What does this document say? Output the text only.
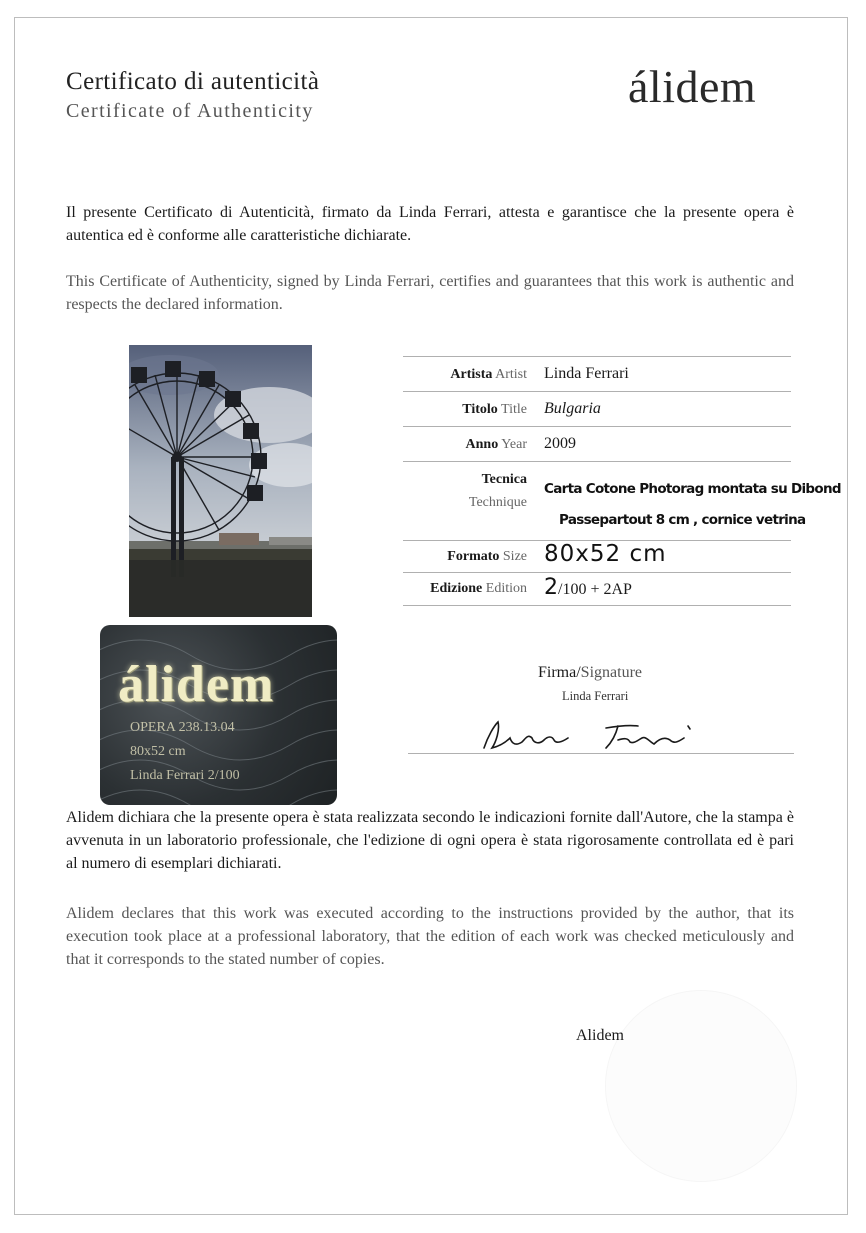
Certificato di autenticità
Certificate of Authenticity	álidem

Il presente Certificato di Autenticità, firmato da Linda Ferrari, attesta e garantisce che la presente opera è autentica ed è conforme alle caratteristiche dichiarate.

This Certificate of Authenticity, signed by Linda Ferrari, certifies and guarantees that this work is authentic and respects the declared information.

álidem
OPERA 238.13.04
80x52 cm
Linda Ferrari 2/100
Artista Artist Linda Ferrari
Titolo Title Bulgaria
Anno Year 2009
Tecnica
Technique
Carta Cotone Photorag montata su Dibond
Passepartout 8 cm , cornice vetrina
Formato Size 80x52 cm
Edizione Edition 2/100 + 2AP
Firma/Signature
Linda Ferrari

Alidem dichiara che la presente opera è stata realizzata secondo le indicazioni fornite dall'Autore, che la stampa è avvenuta in un laboratorio professionale, che l'edizione di ogni opera è stata rigorosamente controllata ed è pari al numero di esemplari dichiarati.

Alidem declares that this work was executed according to the instructions provided by the author, that its execution took place at a professional laboratory, that the edition of each work was checked meticulously and that it corresponds to the stated number of copies.

Alidem
